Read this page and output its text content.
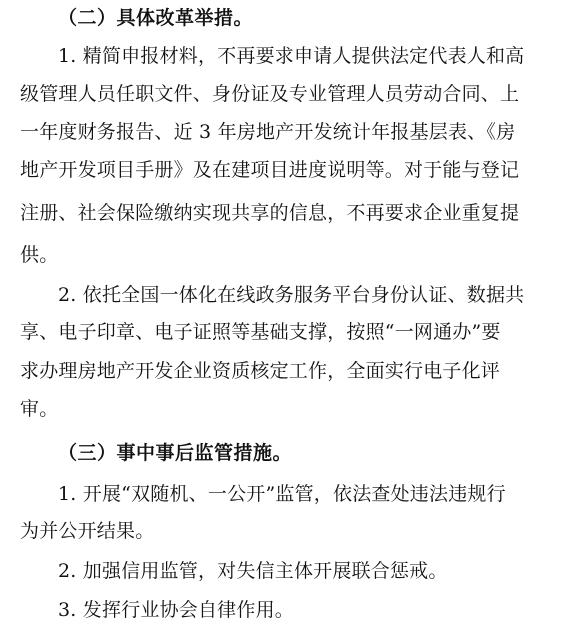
（二）具体改革举措。
1. 精简申报材料，不再要求申请人提供法定代表人和高
级管理人员任职文件、身份证及专业管理人员劳动合同、上
一年度财务报告、近 3 年房地产开发统计年报基层表、《房
地产开发项目手册》及在建项目进度说明等。对于能与登记
注册、社会保险缴纳实现共享的信息，不再要求企业重复提
供。
2. 依托全国一体化在线政务服务平台身份认证、数据共
享、电子印章、电子证照等基础支撑，按照“一网通办”要
求办理房地产开发企业资质核定工作，全面实行电子化评
审。
（三）事中事后监管措施。
1. 开展“双随机、一公开”监管，依法查处违法违规行
为并公开结果。
2. 加强信用监管，对失信主体开展联合惩戒。
3. 发挥行业协会自律作用。
